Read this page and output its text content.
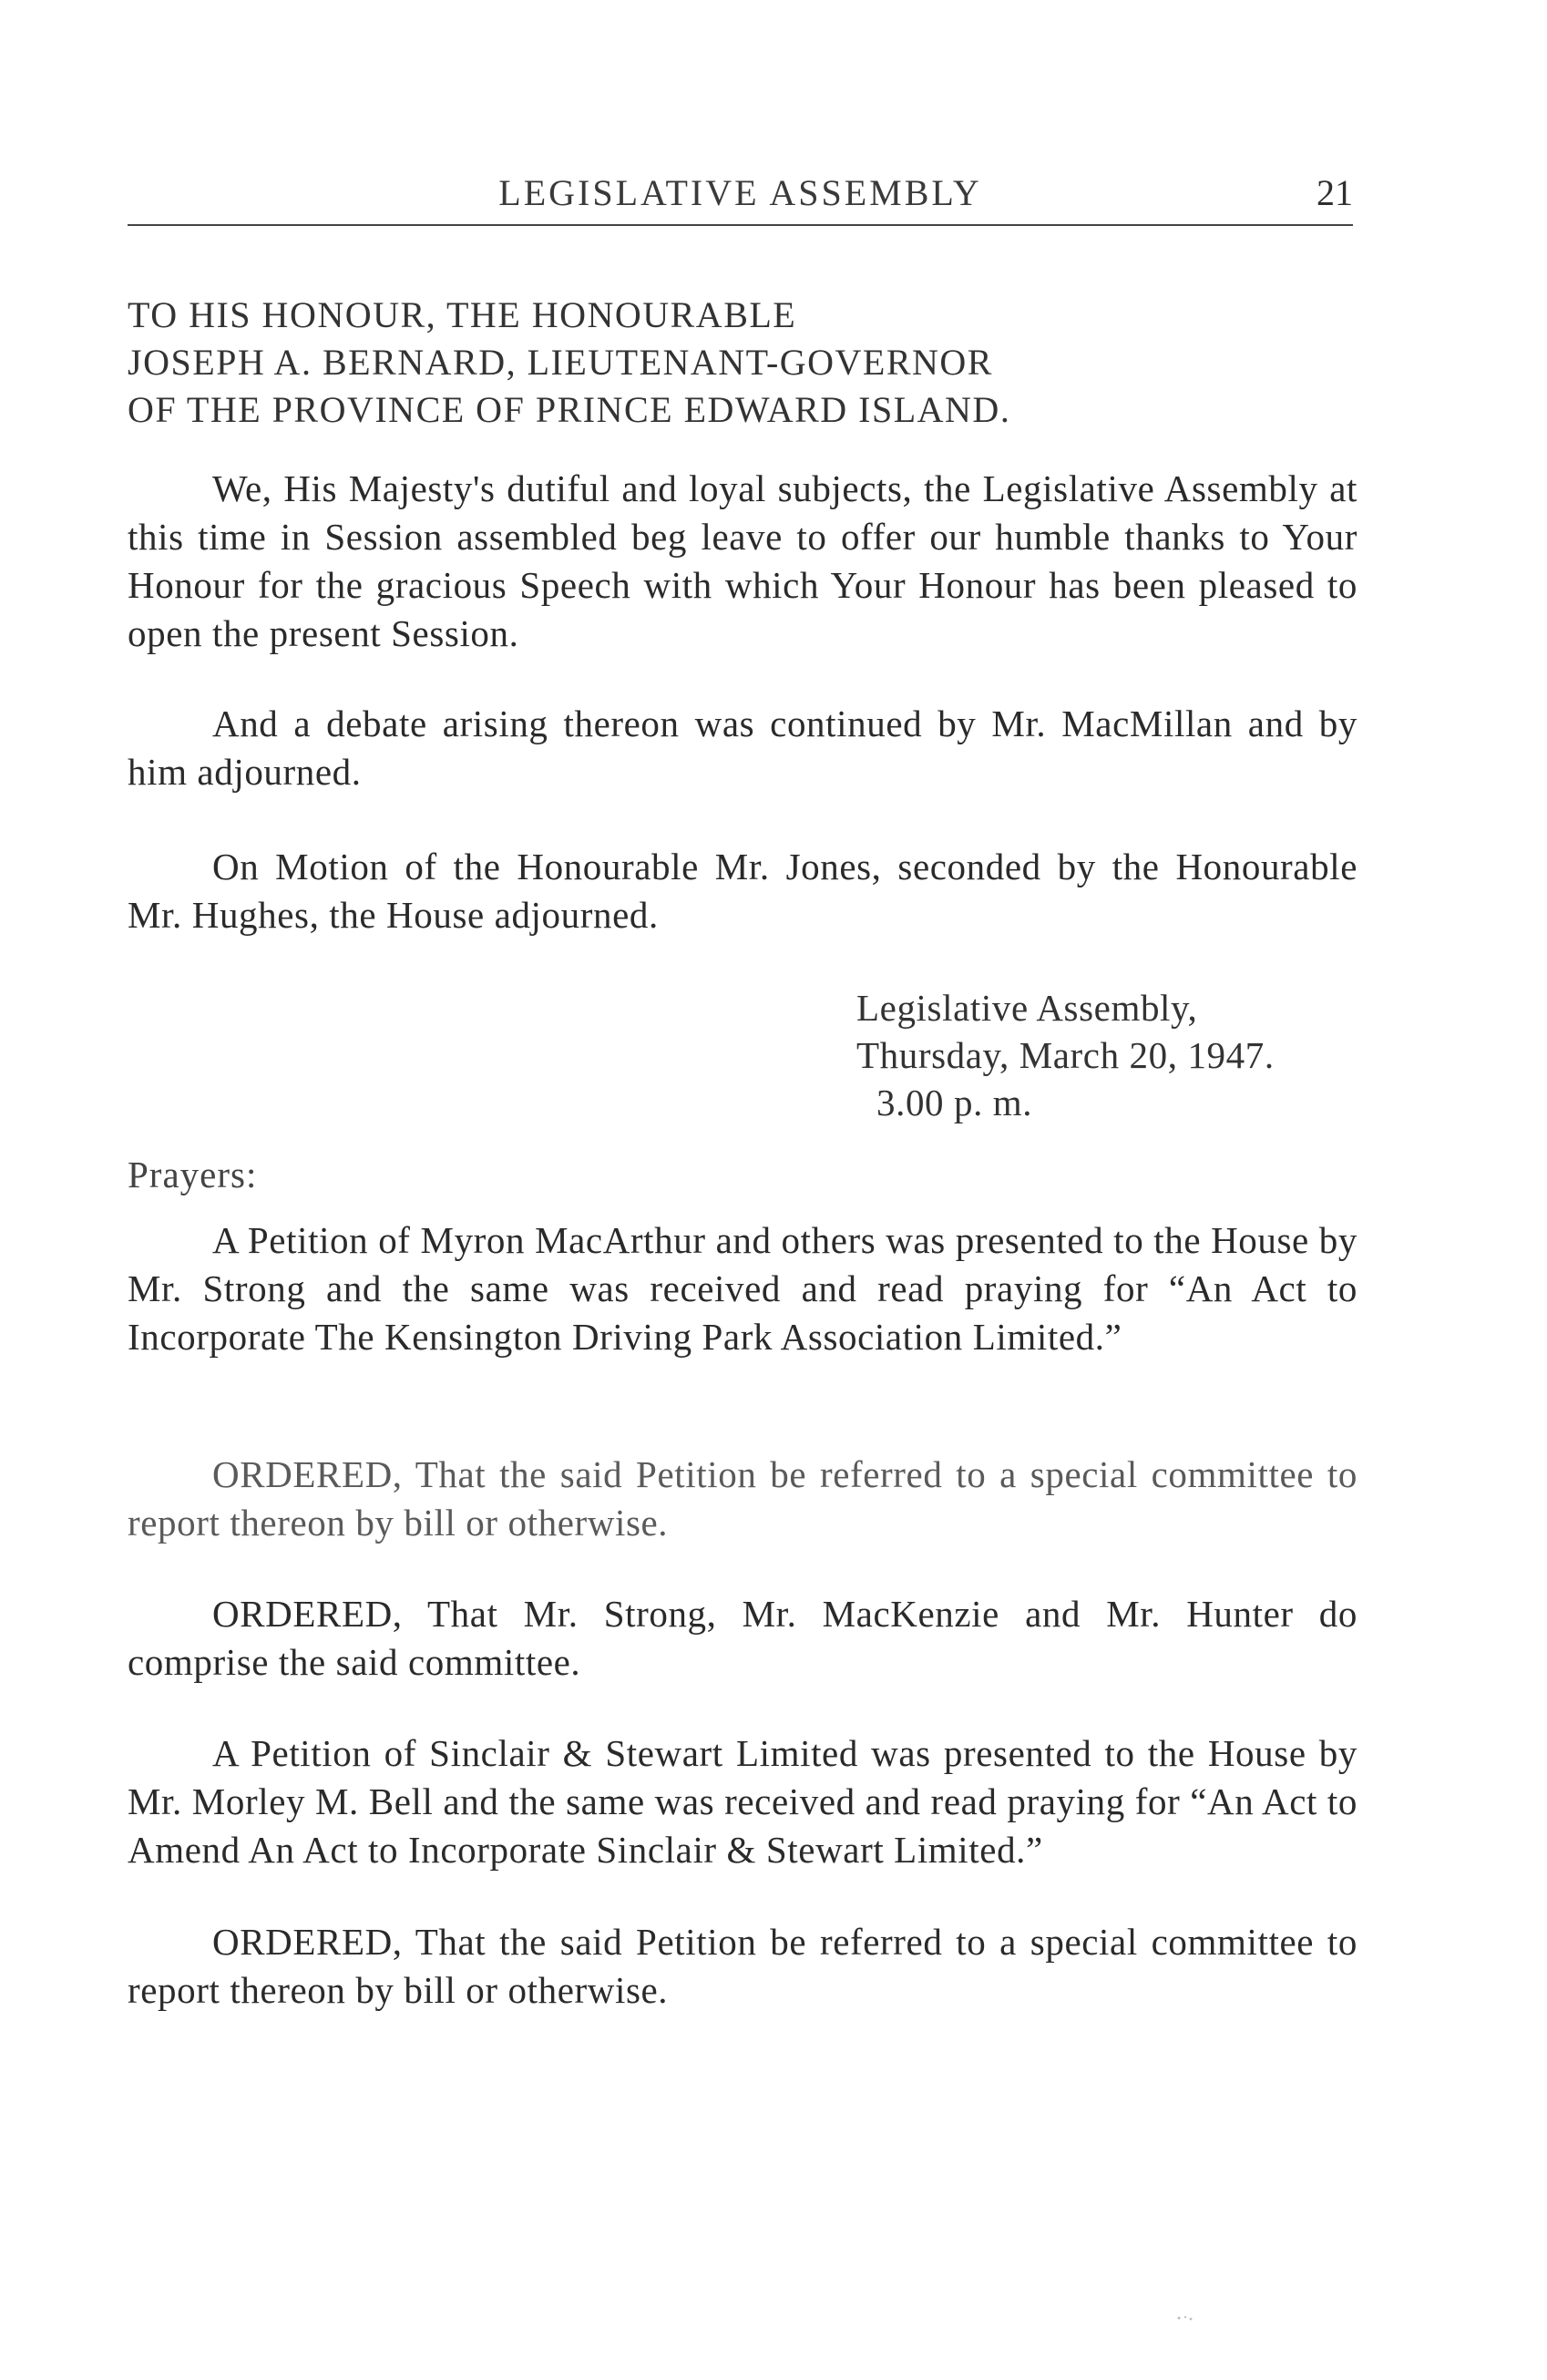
LEGISLATIVE ASSEMBLY	21
TO HIS HONOUR, THE HONOURABLE
JOSEPH A. BERNARD, LIEUTENANT-GOVERNOR
OF THE PROVINCE OF PRINCE EDWARD ISLAND.

We, His Majesty's dutiful and loyal subjects, the Legislative Assembly at this time in Session assembled beg leave to offer our humble thanks to Your Honour for the gracious Speech with which Your Honour has been pleased to open the present Session.

And a debate arising thereon was continued by Mr. MacMillan and by him adjourned.

On Motion of the Honourable Mr. Jones, seconded by the Honourable Mr. Hughes, the House adjourned.

Legislative Assembly,
Thursday, March 20, 1947.
3.00 p. m.
Prayers:

A Petition of Myron MacArthur and others was presented to the House by Mr. Strong and the same was received and read praying for “An Act to Incorporate The Kensington Driving Park Association Limited.”

ORDERED, That the said Petition be referred to a special committee to report thereon by bill or otherwise.

ORDERED, That Mr. Strong, Mr. MacKenzie and Mr. Hunter do comprise the said committee.

A Petition of Sinclair & Stewart Limited was presented to the House by Mr. Morley M. Bell and the same was received and read praying for “An Act to Amend An Act to Incorporate Sinclair & Stewart Limited.”

ORDERED, That the said Petition be referred to a special committee to report thereon by bill or otherwise.
